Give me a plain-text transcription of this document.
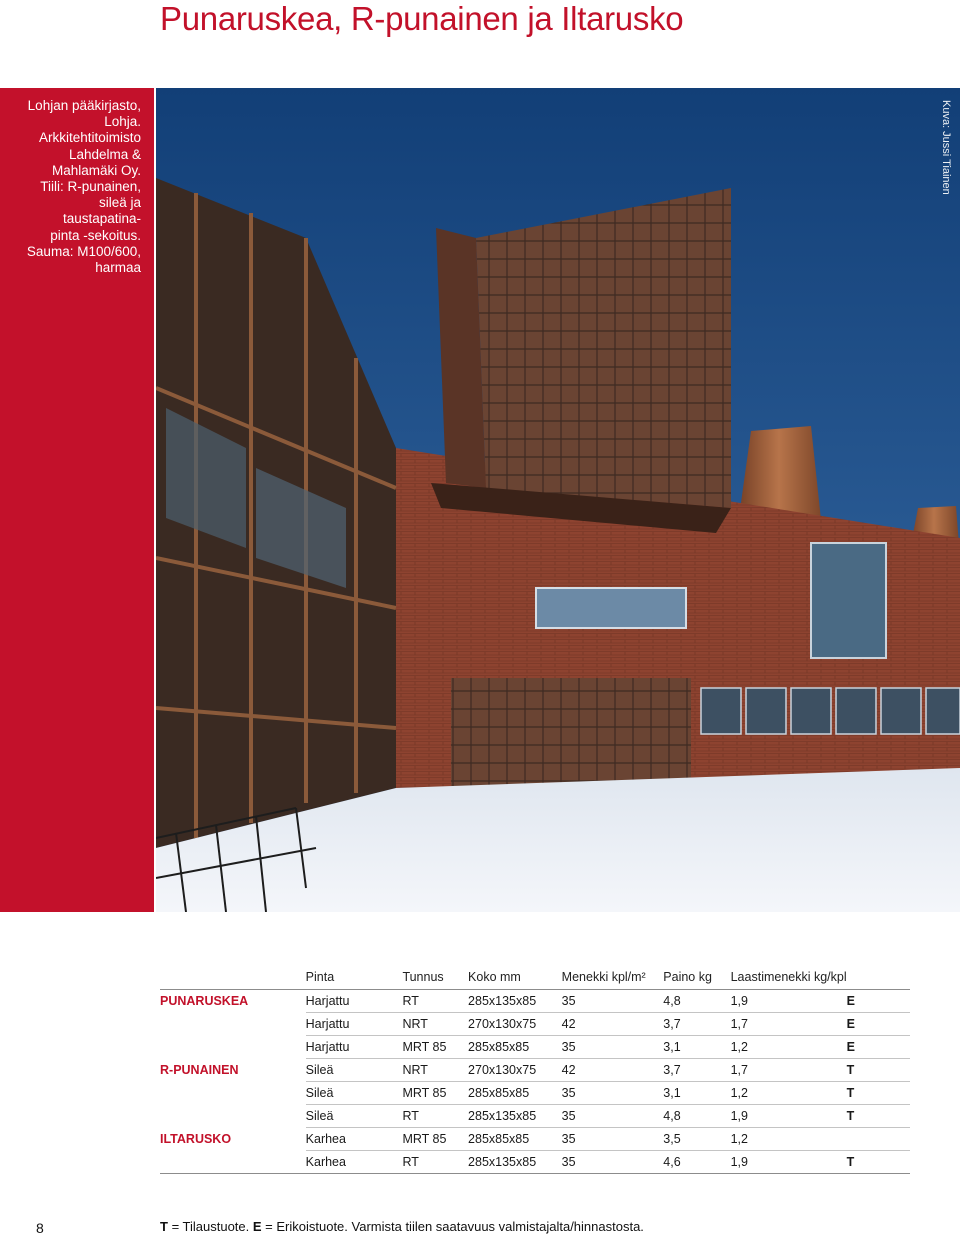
Punaruskea, R-punainen ja Iltarusko
Lohjan pääkirjasto,
Lohja.
Arkkitehtitoimisto
Lahdelma &
Mahlamäki Oy.
Tiili: R-punainen,
sileä ja
taustapatina-
pinta -sekoitus.
Sauma: M100/600,
harmaa
Kuva: Jussi Tiainen
	Pinta	Tunnus	Koko mm	Menekki kpl/m²	Paino kg	Laastimenekki kg/kpl	
PUNARUSKEA	Harjattu	RT	285x135x85	35	4,8	1,9	E
	Harjattu	NRT	270x130x75	42	3,7	1,7	E
	Harjattu	MRT 85	285x85x85	35	3,1	1,2	E
R-PUNAINEN	Sileä	NRT	270x130x75	42	3,7	1,7	T
	Sileä	MRT 85	285x85x85	35	3,1	1,2	T
	Sileä	RT	285x135x85	35	4,8	1,9	T
ILTARUSKO	Karhea	MRT 85	285x85x85	35	3,5	1,2	
	Karhea	RT	285x135x85	35	4,6	1,9	T
8	T = Tilaustuote. E = Erikoistuote. Varmista tiilen saatavuus valmistajalta/hinnastosta.
